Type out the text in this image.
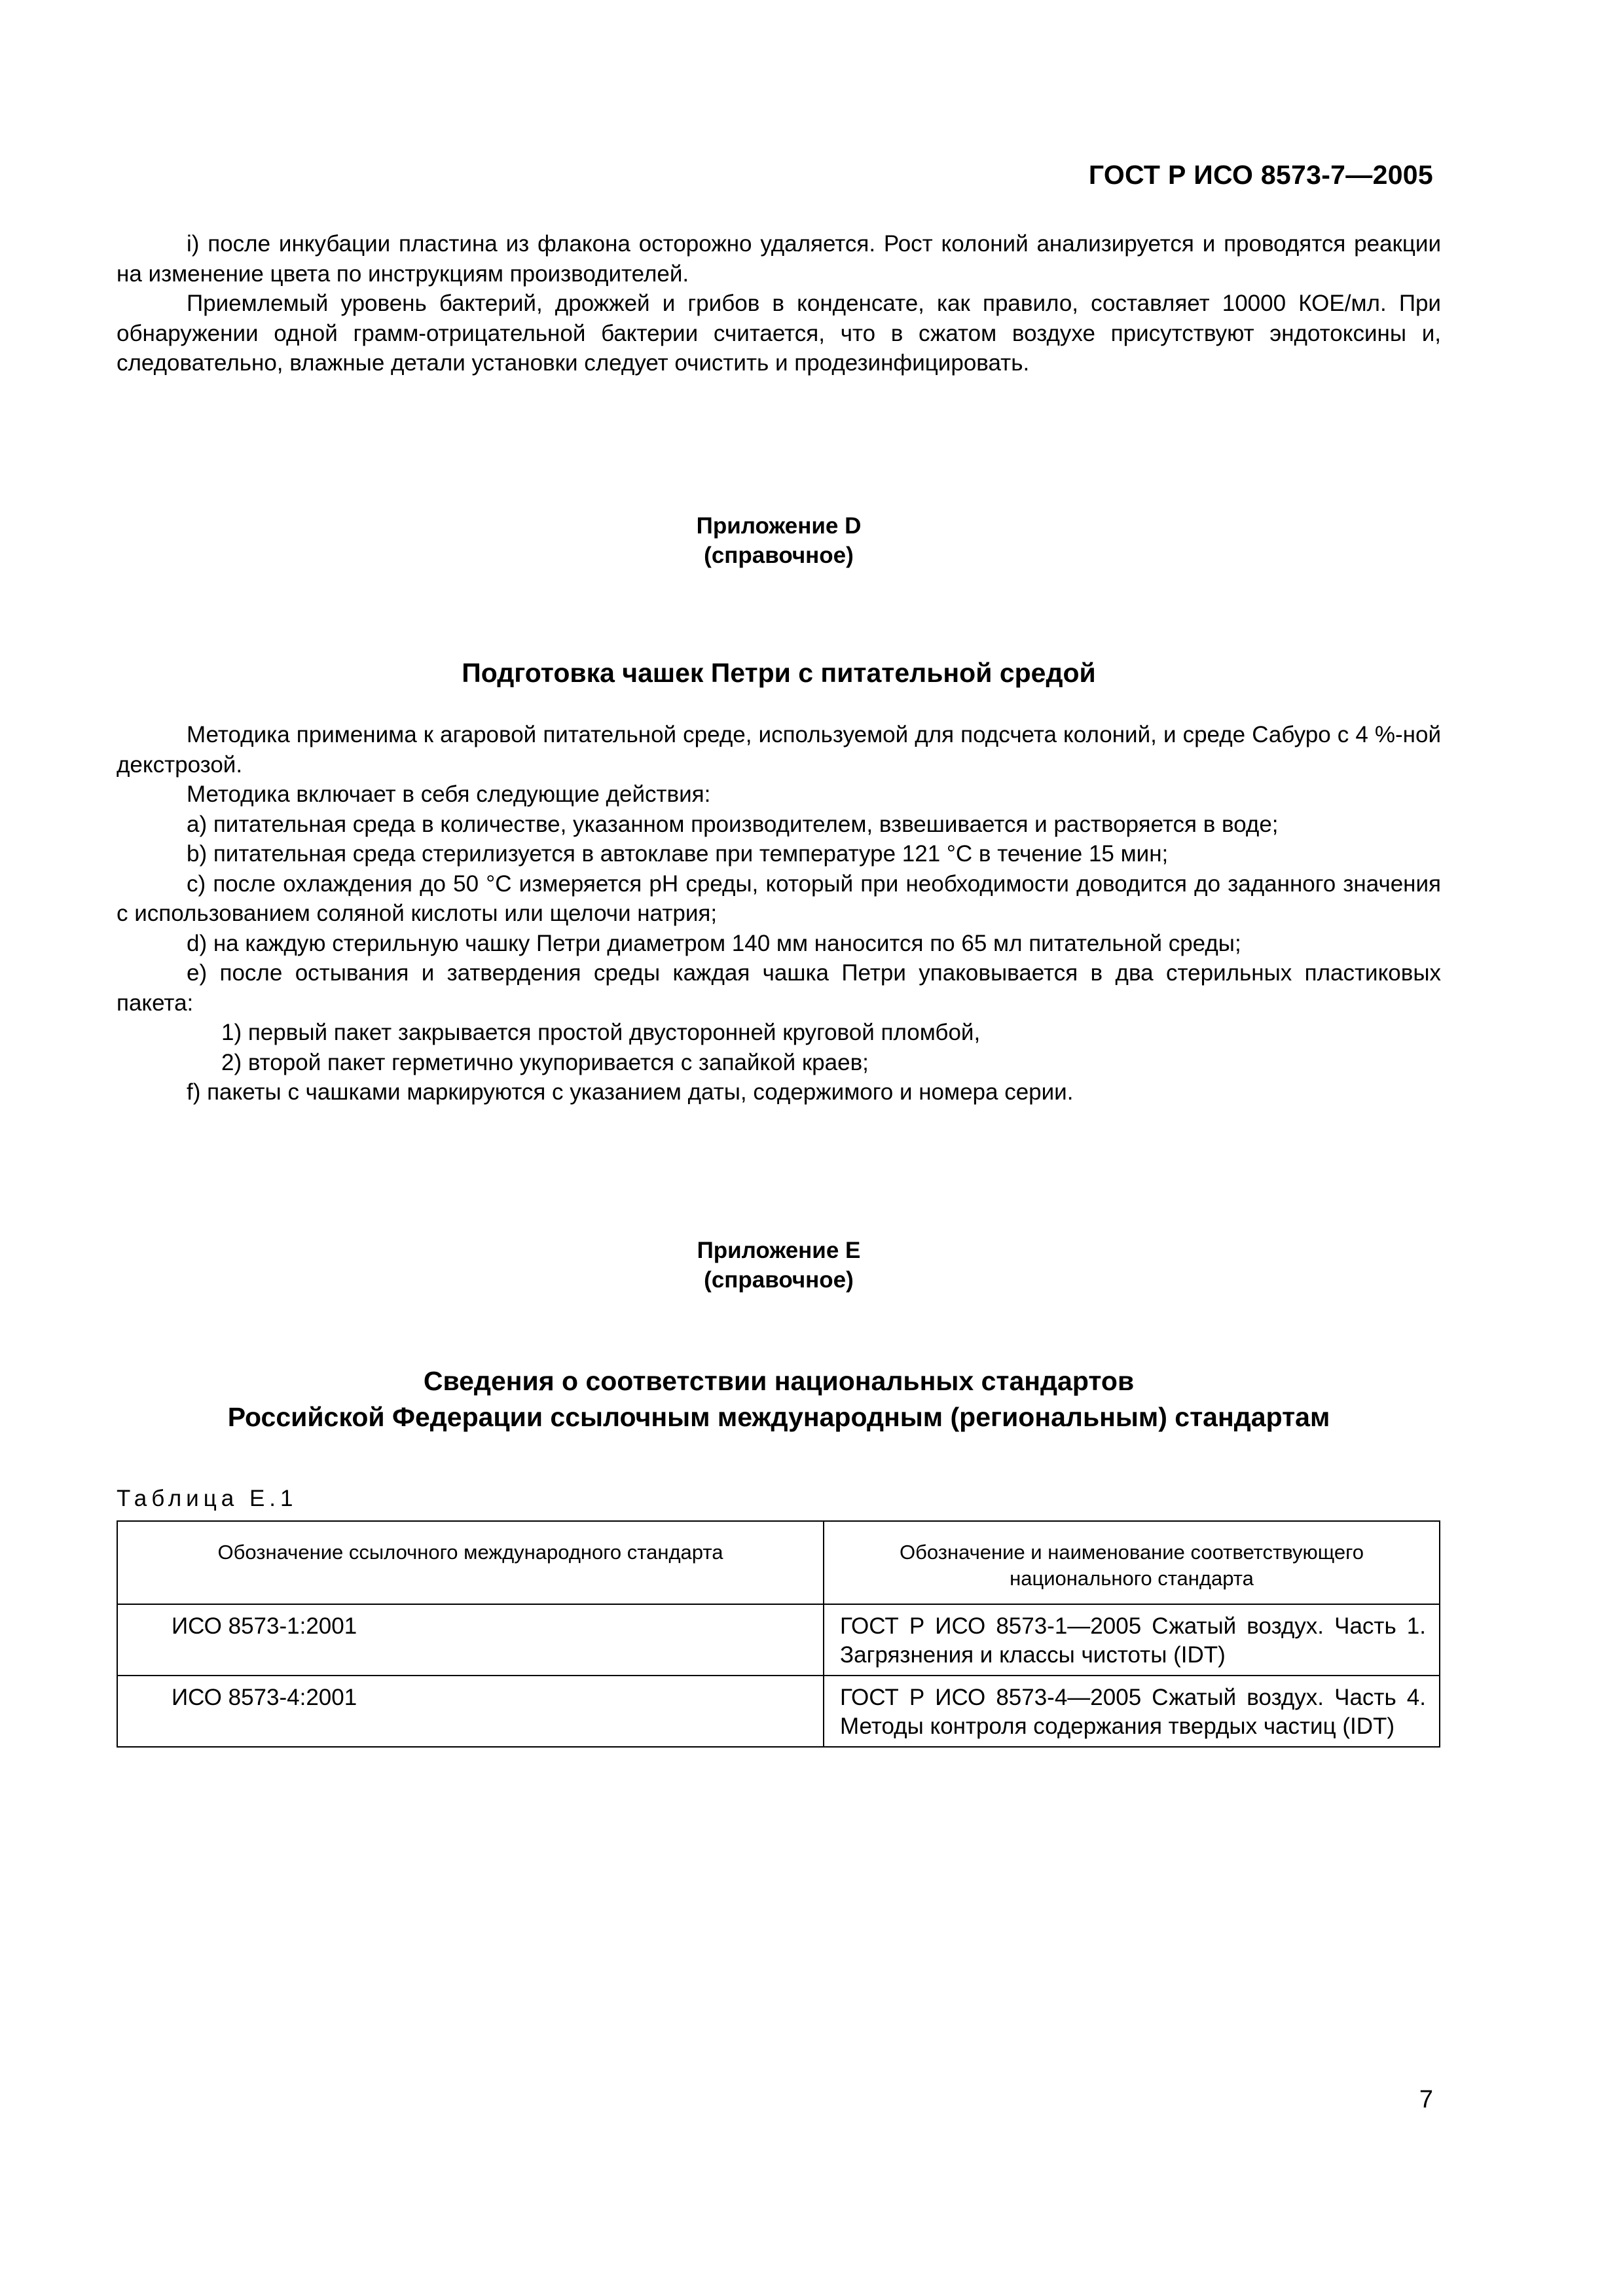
ГОСТ Р ИСО 8573-7—2005

i) после инкубации пластина из флакона осторожно удаляется. Рост колоний анализируется и проводятся реакции на изменение цвета по инструкциям производителей.

Приемлемый уровень бактерий, дрожжей и грибов в конденсате, как правило, составляет 10000 КОЕ/мл. При обнаружении одной грамм-отрицательной бактерии считается, что в сжатом воздухе присутствуют эндотоксины и, следовательно, влажные детали установки следует очистить и продезинфицировать.

Приложение D
(справочное)
Подготовка чашек Петри с питательной средой

Методика применима к агаровой питательной среде, используемой для подсчета колоний, и среде Сабуро с 4 %-ной декстрозой.

Методика включает в себя следующие действия:

a) питательная среда в количестве, указанном производителем, взвешивается и растворяется в воде;

b) питательная среда стерилизуется в автоклаве при температуре 121 °С в течение 15 мин;

c) после охлаждения до 50 °С измеряется pH среды, который при необходимости доводится до заданного значения с использованием соляной кислоты или щелочи натрия;

d) на каждую стерильную чашку Петри диаметром 140 мм наносится по 65 мл питательной среды;

e) после остывания и затвердения среды каждая чашка Петри упаковывается в два стерильных пластиковых пакета:

1) первый пакет закрывается простой двусторонней круговой пломбой,

2) второй пакет герметично укупоривается с запайкой краев;

f) пакеты с чашками маркируются с указанием даты, содержимого и номера серии.

Приложение Е
(справочное)
Сведения о соответствии национальных стандартов
Российской Федерации ссылочным международным (региональным) стандартам
Таблица Е.1
Обозначение ссылочного международного стандарта	Обозначение и наименование соответствующего национального стандарта
ИСО 8573-1:2001	ГОСТ Р ИСО 8573-1—2005 Сжатый воздух. Часть 1. Загрязнения и классы чистоты (IDT)
ИСО 8573-4:2001	ГОСТ Р ИСО 8573-4—2005 Сжатый воздух. Часть 4. Методы контроля содержания твердых частиц (IDT)
7
